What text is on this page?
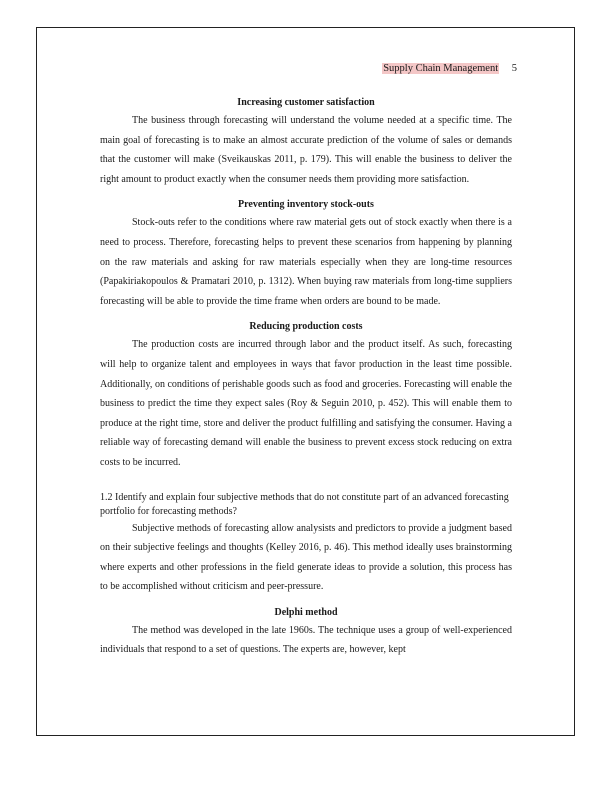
Supply Chain Management 5
Increasing customer satisfaction

The business through forecasting will understand the volume needed at a specific time. The main goal of forecasting is to make an almost accurate prediction of the volume of sales or demands that the customer will make (Sveikauskas 2011, p. 179). This will enable the business to deliver the right amount to product exactly when the consumer needs them providing more satisfaction.

Preventing inventory stock-outs

Stock-outs refer to the conditions where raw material gets out of stock exactly when there is a need to process. Therefore, forecasting helps to prevent these scenarios from happening by planning on the raw materials and asking for raw materials especially when they are long-time resources (Papakiriakopoulos & Pramatari 2010, p. 1312). When buying raw materials from long-time suppliers forecasting will be able to provide the time frame when orders are bound to be made.

Reducing production costs

The production costs are incurred through labor and the product itself. As such, forecasting will help to organize talent and employees in ways that favor production in the least time possible. Additionally, on conditions of perishable goods such as food and groceries. Forecasting will enable the business to predict the time they expect sales (Roy & Seguin 2010, p. 452). This will enable them to produce at the right time, store and deliver the product fulfilling and satisfying the consumer. Having a reliable way of forecasting demand will enable the business to prevent excess stock reducing on extra costs to be incurred.

1.2 Identify and explain four subjective methods that do not constitute part of an advanced forecasting portfolio for forecasting methods?

Subjective methods of forecasting allow analysists and predictors to provide a judgment based on their subjective feelings and thoughts (Kelley 2016, p. 46). This method ideally uses brainstorming where experts and other professions in the field generate ideas to provide a solution, this process has to be accomplished without criticism and peer-pressure.

Delphi method

The method was developed in the late 1960s. The technique uses a group of well-experienced individuals that respond to a set of questions. The experts are, however, kept
